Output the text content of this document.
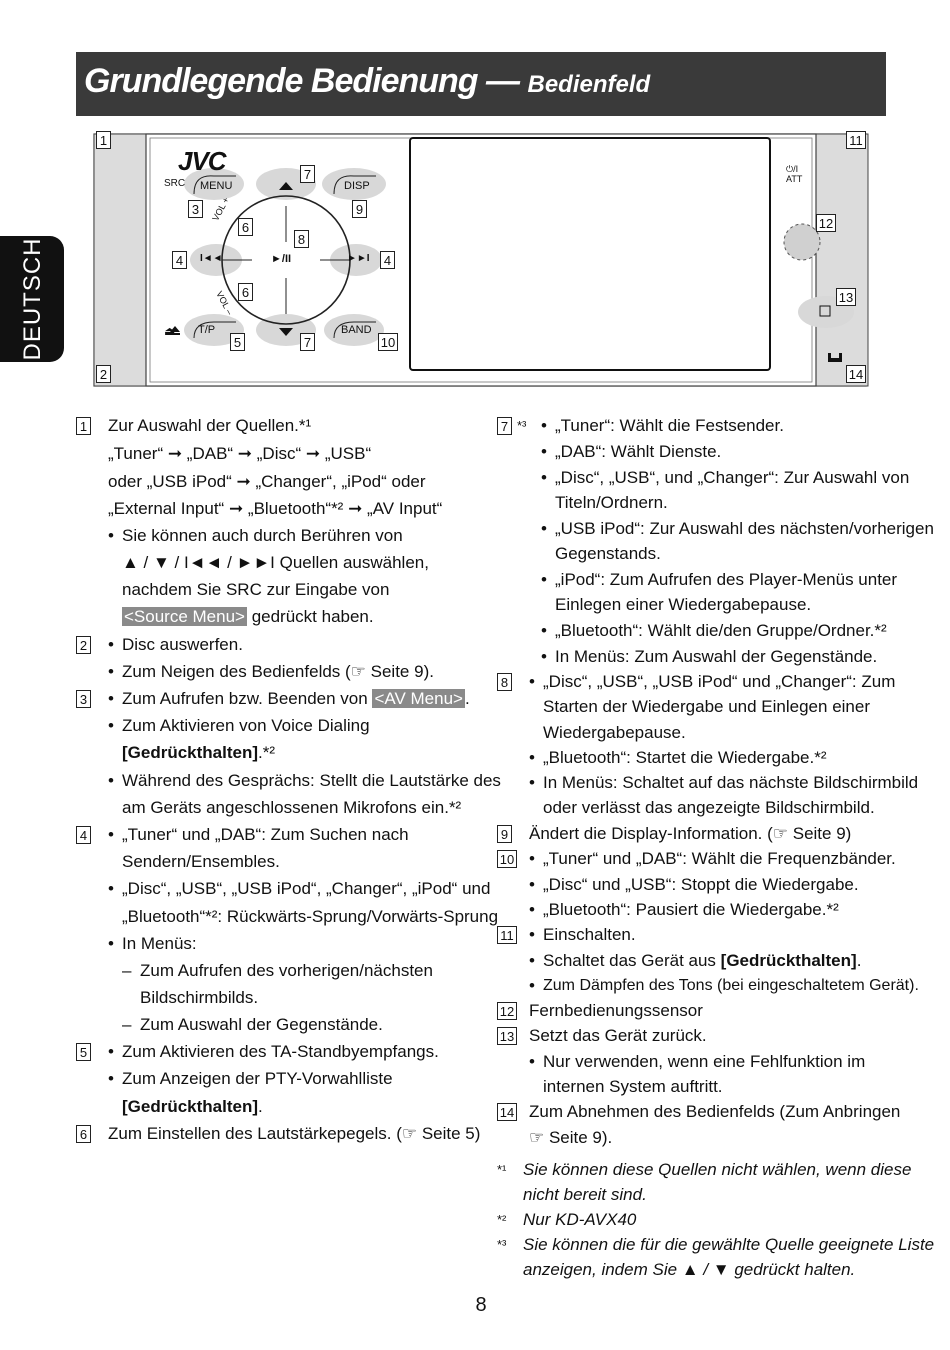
Grundlegende Bedienung — Bedienfeld
DEUTSCH
JVC
SRC MENU	DISP
T/P	BAND
VOL +
VOL –
⏻/I ATT
⏏
►/II
I◄◄	►►I
1	11
3
7
9
6
8
4	4
12
6	13
5	7	10
2	14
1 Zur Auswahl der Quellen.*¹
„Tuner“ ➞ „DAB“ ➞ „Disc“ ➞ „USB“
oder „USB iPod“ ➞ „Changer“, „iPod“ oder
„External Input“ ➞ „Bluetooth“*² ➞ „AV Input“
• Sie können auch durch Berühren von
▲ / ▼ / I◄◄ / ►►I Quellen auswählen,
nachdem Sie SRC zur Eingabe von
<Source Menu> gedrückt haben.
2 • Disc auswerfen.
• Zum Neigen des Bedienfelds (☞ Seite 9).
3 • Zum Aufrufen bzw. Beenden von <AV Menu> .
• Zum Aktivieren von Voice Dialing
[Gedrückthalten].*²
• Während des Gesprächs: Stellt die Lautstärke des
am Geräts angeschlossenen Mikrofons ein.*²
4 • „Tuner“ und „DAB“: Zum Suchen nach
Sendern/Ensembles.
• „Disc“, „USB“, „USB iPod“, „Changer“, „iPod“ und
„Bluetooth“*²: Rückwärts-Sprung/Vorwärts-Sprung
• In Menüs:
– Zum Aufrufen des vorherigen/nächsten
Bildschirmbilds.
– Zum Auswahl der Gegenstände.
5 • Zum Aktivieren des TA-Standbyempfangs.
• Zum Anzeigen der PTY-Vorwahlliste
[Gedrückthalten].
6 Zum Einstellen des Lautstärkepegels. (☞ Seite 5)
7 *³ • „Tuner“: Wählt die Festsender.
• „DAB“: Wählt Dienste.
• „Disc“, „USB“, und „Changer“: Zur Auswahl von
Titeln/Ordnern.
• „USB iPod“: Zur Auswahl des nächsten/vorherigen
Gegenstands.
• „iPod“: Zum Aufrufen des Player-Menüs unter
Einlegen einer Wiedergabepause.
• „Bluetooth“: Wählt die/den Gruppe/Ordner.*²
• In Menüs: Zum Auswahl der Gegenstände.
8 • „Disc“, „USB“, „USB iPod“ und „Changer“: Zum
Starten der Wiedergabe und Einlegen einer
Wiedergabepause.
• „Bluetooth“: Startet die Wiedergabe.*²
• In Menüs: Schaltet auf das nächste Bildschirmbild
oder verlässt das angezeigte Bildschirmbild.
9 Ändert die Display-Information. (☞ Seite 9)
10 • „Tuner“ und „DAB“: Wählt die Frequenzbänder.
• „Disc“ und „USB“: Stoppt die Wiedergabe.
• „Bluetooth“: Pausiert die Wiedergabe.*²
11 • Einschalten.
• Schaltet das Gerät aus [Gedrückthalten].
• Zum Dämpfen des Tons (bei eingeschaltetem Gerät).
12 Fernbedienungssensor
13 Setzt das Gerät zurück.
• Nur verwenden, wenn eine Fehlfunktion im
internen System auftritt.
14 Zum Abnehmen des Bedienfelds (Zum Anbringen
☞ Seite 9).
*¹ Sie können diese Quellen nicht wählen, wenn diese
nicht bereit sind.
*² Nur KD-AVX40
*³ Sie können die für die gewählte Quelle geeignete Liste
anzeigen, indem Sie ▲ / ▼ gedrückt halten.
8
